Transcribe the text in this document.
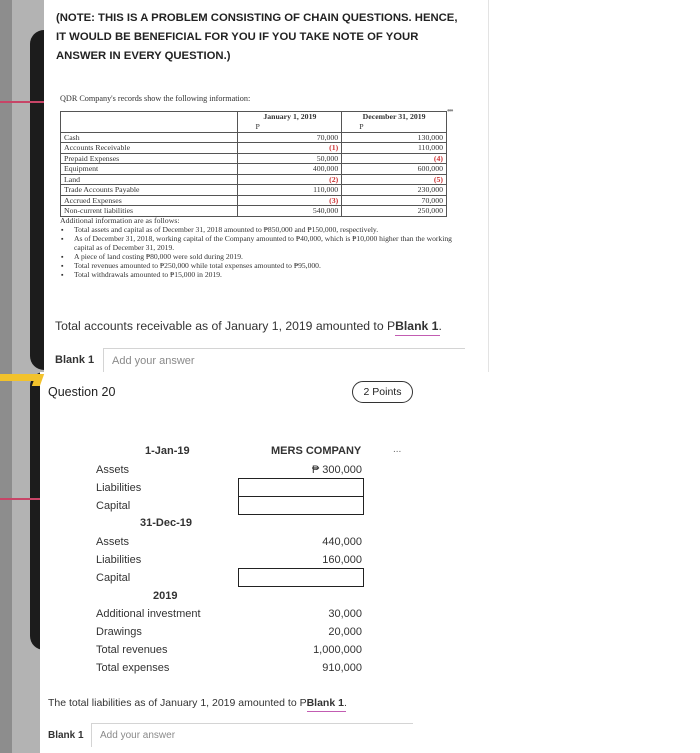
(NOTE: THIS IS A PROBLEM CONSISTING OF CHAIN QUESTIONS. HENCE, IT WOULD BE BENEFICIAL FOR YOU IF YOU TAKE NOTE OF YOUR ANSWER IN EVERY QUESTION.)
QDR Company's records show the following information:
•••
	January 1, 2019	December 31, 2019

	P	P

Cash	70,000	130,000
Accounts Receivable	(1)	110,000
Prepaid Expenses	50,000	(4)
Equipment	400,000	600,000
Land	(2)	(5)
Trade Accounts Payable	110,000	230,000
Accrued Expenses	(3)	70,000
Non-current liabilities	540,000	250,000
Additional information are as follows:
▪ Total assets and capital as of December 31, 2018 amounted to ₱850,000 and ₱150,000, respectively.
▪ As of December 31, 2018, working capital of the Company amounted to ₱40,000, which is ₱10,000 higher than the working capital as of December 31, 2019.
▪ A piece of land costing ₱80,000 were sold during 2019.
▪ Total revenues amounted to ₱250,000 while total expenses amounted to ₱95,000.
▪ Total withdrawals amounted to ₱15,000 in 2019.
Total accounts receivable as of January 1, 2019 amounted to PBlank 1.
Blank 1
Add your answer
Question 20	2 Points
...
1-Jan-19	MERS COMPANY
Assets	₱ 300,000
Liabilities
Capital
31-Dec-19
Assets	440,000
Liabilities	160,000
Capital
2019
Additional investment	30,000
Drawings	20,000
Total revenues	1,000,000
Total expenses	910,000
The total liabilities as of January 1, 2019 amounted to PBlank 1.
Blank 1
Add your answer
